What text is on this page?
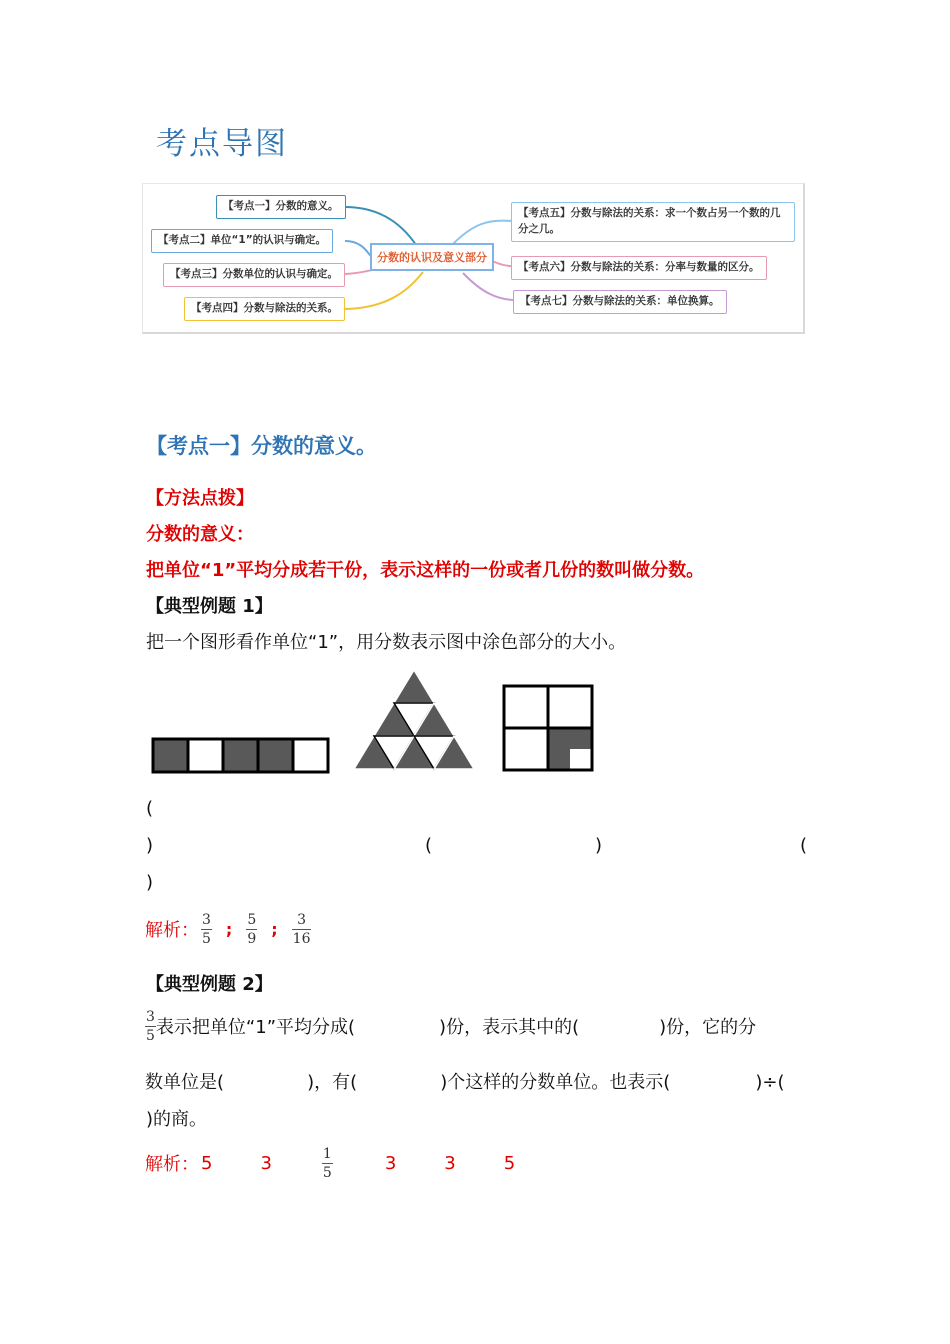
考点导图
分数的认识及意义部分
【考点一】分数的意义。
【考点二】单位“1”的认识与确定。
【考点三】分数单位的认识与确定。
【考点四】分数与除法的关系。
【考点五】分数与除法的关系：求一个数占另一个数的几
分之几。
【考点六】分数与除法的关系：分率与数量的区分。
【考点七】分数与除法的关系：单位换算。
【考点一】分数的意义。
【方法点拨】
分数的意义：
把单位“1”平均分成若干份，表示这样的一份或者几份的数叫做分数。
【典型例题 1】
把一个图形看作单位“1”，用分数表示图中涂色部分的大小。
(
)	(	)	(
)
解析： $\frac{3}{5}$ ; $\frac{5}{9}$ ; $\frac{3}{16}$
【典型例题 2】
$\frac{3}{5}$ 表示把单位“1”平均分成(	)份，表示其中的(	)份，它的分
数单位是(	)，有(	)个这样的分数单位。也表示(	)÷(
)的商。
解析： 5	3	$\frac{1}{5}$	3	3	5
